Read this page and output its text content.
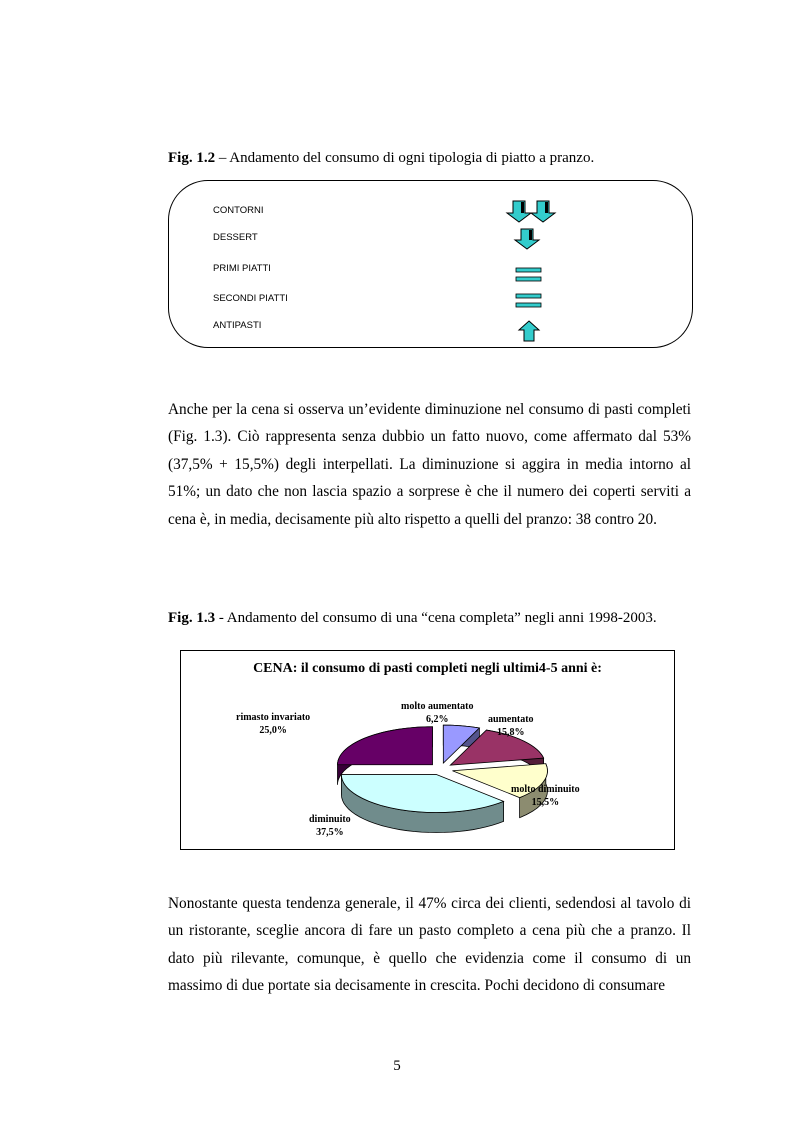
Fig. 1.2 – Andamento del consumo di ogni tipologia di piatto a pranzo.
CONTORNI
DESSERT
PRIMI PIATTI
SECONDI PIATTI
ANTIPASTI

Anche per la cena si osserva un’evidente diminuzione nel consumo di pasti completi (Fig. 1.3). Ciò rappresenta senza dubbio un fatto nuovo, come affermato dal 53% (37,5% + 15,5%) degli interpellati. La diminuzione si aggira in media intorno al 51%; un dato che non lascia spazio a sorprese è che il numero dei coperti serviti a cena è, in media, decisamente più alto rispetto a quelli del pranzo: 38 contro 20.

Fig. 1.3 - Andamento del consumo di una “cena completa” negli anni 1998-2003.
CENA: il consumo di pasti completi negli ultimi4-5 anni è:
molto aumentato
6,2%	aumentato
15,8%
molto diminuito
15,5%
diminuito
37,5%
rimasto invariato
25,0%

Nonostante questa tendenza generale, il 47% circa dei clienti, sedendosi al tavolo di un ristorante, sceglie ancora di fare un pasto completo a cena più che a pranzo. Il dato più rilevante, comunque, è quello che evidenzia come il consumo di un massimo di due portate sia decisamente in crescita. Pochi decidono di consumare

5
